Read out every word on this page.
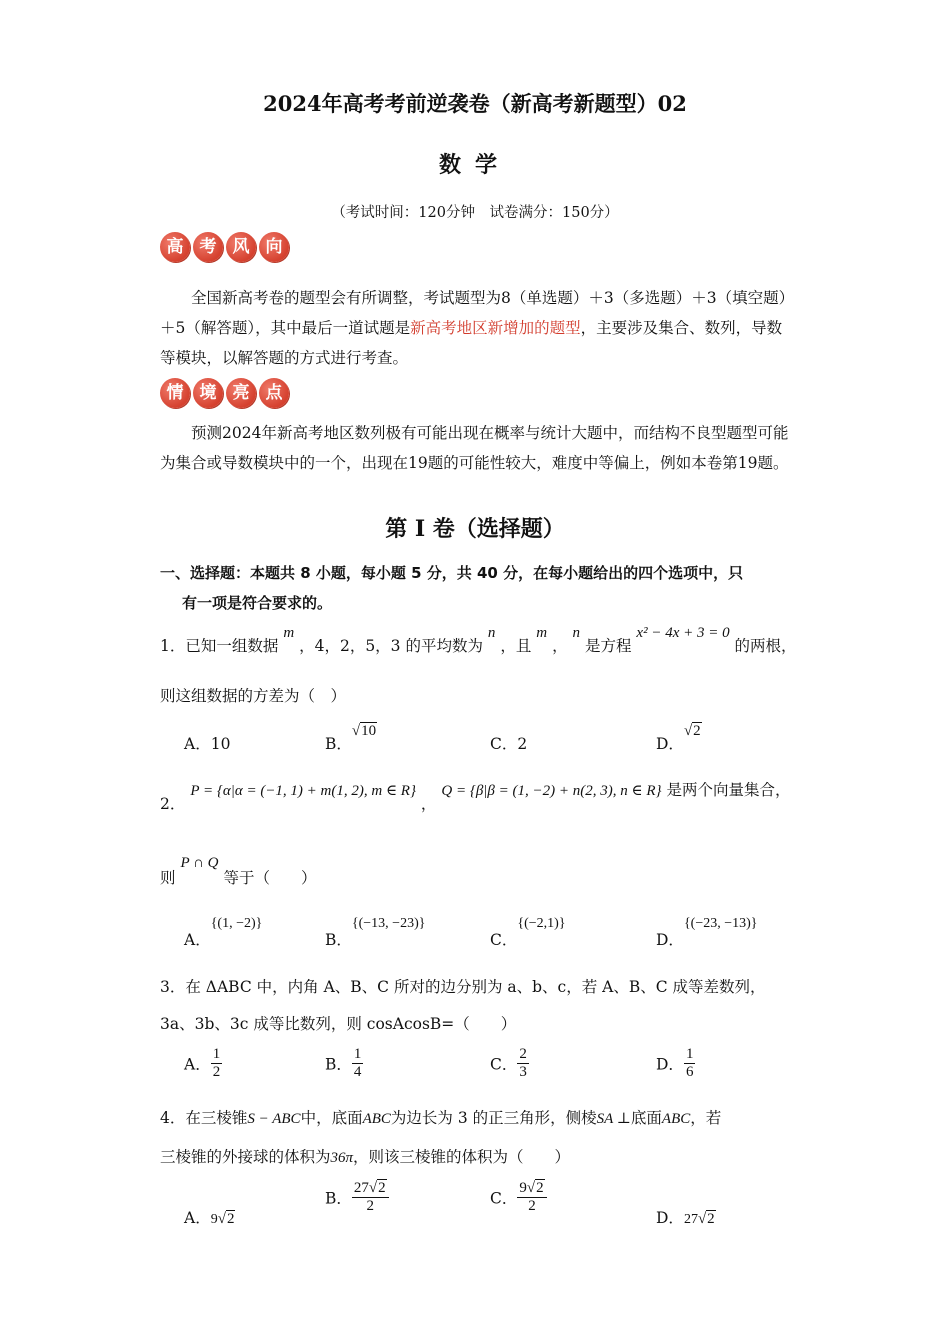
2024年高考考前逆袭卷（新高考新题型）02
数学
（考试时间：120分钟　试卷满分：150分）
高 考 风 向
全国新高考卷的题型会有所调整，考试题型为8（单选题）＋3（多选题）＋3（填空题）＋5（解答题），其中最后一道试题是新高考地区新增加的题型，主要涉及集合、数列，导数等模块，以解答题的方式进行考查。
情 境 亮 点
预测2024年新高考地区数列极有可能出现在概率与统计大题中，而结构不良型题型可能为集合或导数模块中的一个，出现在19题的可能性较大，难度中等偏上，例如本卷第19题。
第 I 卷（选择题）
一、选择题：本题共 8 小题，每小题 5 分，共 40 分，在每小题给出的四个选项中，只
有一项是符合要求的。
1．已知一组数据 m ，4，2，5，3 的平均数为 n ，且 m ， n 是方程 x² − 4x + 3 = 0 的两根，
则这组数据的方差为（　）
A．10	B．√10
C．2	D．√2
2． P = {α|α = (−1, 1) + m(1, 2), m ∈ R} ， Q = {β|β = (1, −2) + n(2, 3), n ∈ R} 是两个向量集合，
则 P ∩ Q 等于（　　）
A．{(1, −2)}
B．{(−13, −23)}
C．{(−2,1)}
D．{(−23, −13)}
3．在 ΔABC 中，内角 A、B、C 所对的边分别为 a、b、c，若 A、B、C 成等差数列，
3a、3b、3c 成等比数列，则 cosAcosB=（　　）
A． $\frac{1}{2}$	B． $\frac{1}{4}$	C． $\frac{2}{3}$	D． $\frac{1}{6}$
4．在三棱锥S − ABC中，底面ABC为边长为 3 的正三角形，侧棱SA ⊥底面ABC，若
三棱锥的外接球的体积为36π，则该三棱锥的体积为（　　）
A．9√2
B． $\frac{27√2}{2}$	C． $\frac{9√2}{2}$
D．27√2
